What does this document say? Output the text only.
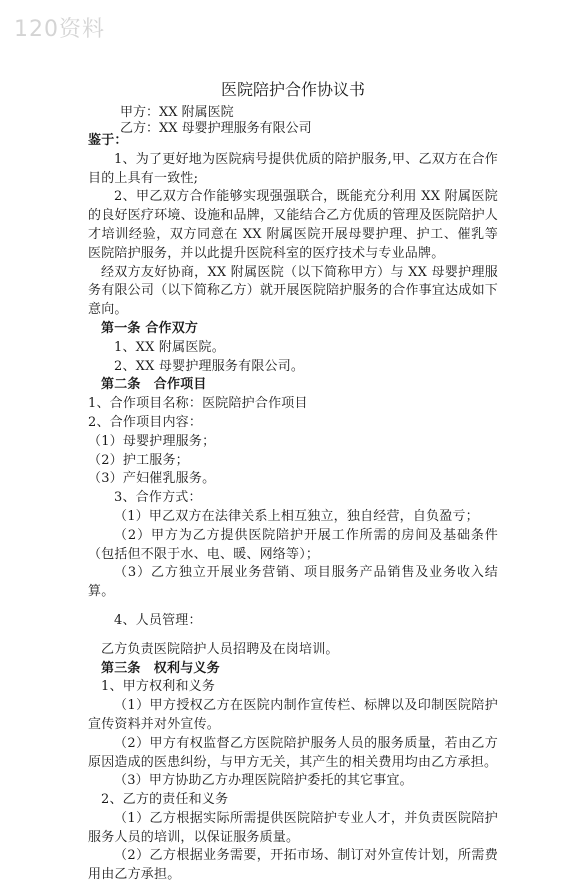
120资料
医院陪护合作协议书
甲方：XX 附属医院
乙方：XX 母婴护理服务有限公司

鉴于：

1、为了更好地为医院病号提供优质的陪护服务,甲、乙双方在合作目的上具有一致性;

2、甲乙双方合作能够实现强强联合，既能充分利用 XX 附属医院的良好医疗环境、设施和品牌，又能结合乙方优质的管理及医院陪护人才培训经验，双方同意在 XX 附属医院开展母婴护理、护工、催乳等医院陪护服务，并以此提升医院科室的医疗技术与专业品牌。

经双方友好协商，XX 附属医院（以下简称甲方）与 XX 母婴护理服务有限公司（以下简称乙方）就开展医院陪护服务的合作事宜达成如下意向。

第一条 合作双方

1、XX 附属医院。

2、XX 母婴护理服务有限公司。

第二条　合作项目

1、合作项目名称：医院陪护合作项目

2、合作项目内容：

（1）母婴护理服务；

（2）护工服务；

（3）产妇催乳服务。

3、合作方式：

（1）甲乙双方在法律关系上相互独立，独自经营，自负盈亏；

（2）甲方为乙方提供医院陪护开展工作所需的房间及基础条件（包括但不限于水、电、暖、网络等）；

（3）乙方独立开展业务营销、项目服务产品销售及业务收入结算。

4、人员管理：

乙方负责医院陪护人员招聘及在岗培训。

第三条　权利与义务

1、甲方权利和义务

（1）甲方授权乙方在医院内制作宣传栏、标牌以及印制医院陪护宣传资料并对外宣传。

（2）甲方有权监督乙方医院陪护服务人员的服务质量，若由乙方原因造成的医患纠纷，与甲方无关，其产生的相关费用均由乙方承担。

（3）甲方协助乙方办理医院陪护委托的其它事宜。

2、乙方的责任和义务

（1）乙方根据实际所需提供医院陪护专业人才，并负责医院陪护服务人员的培训，以保证服务质量。

（2）乙方根据业务需要，开拓市场、制订对外宣传计划，所需费用由乙方承担。
